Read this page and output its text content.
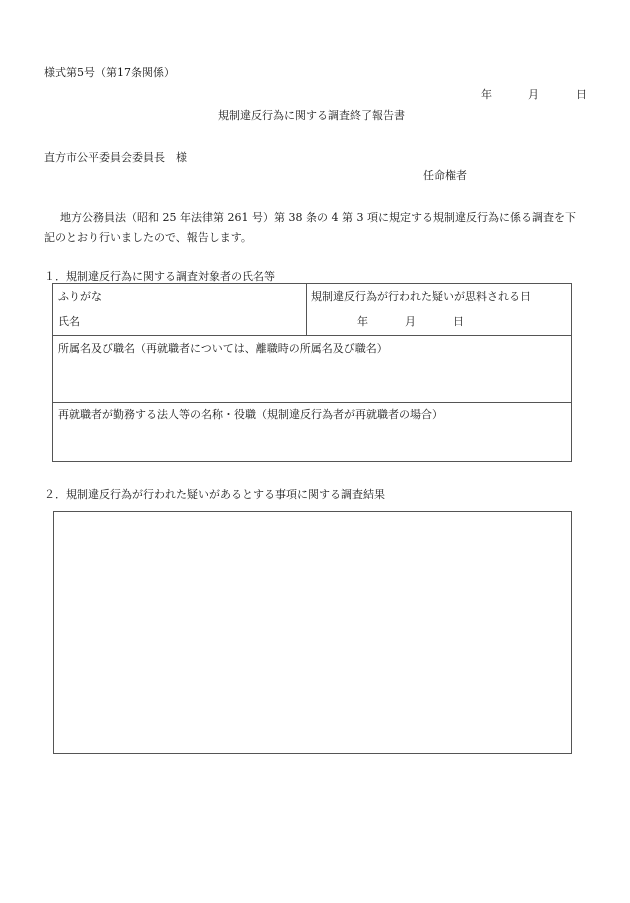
様式第5号（第17条関係）
年	月	日
規制違反行為に関する調査終了報告書
直方市公平委員会委員長　様
任命権者
地方公務員法（昭和 25 年法律第 261 号）第 38 条の 4 第 3 項に規定する規制違反行為に係る調査を下
記のとおり行いましたので、報告します。
１．規制違反行為に関する調査対象者の氏名等
ふりがな
氏名
規制違反行為が行われた疑いが思料される日
年	月	日
所属名及び職名（再就職者については、離職時の所属名及び職名）
再就職者が勤務する法人等の名称・役職（規制違反行為者が再就職者の場合）
２．規制違反行為が行われた疑いがあるとする事項に関する調査結果
